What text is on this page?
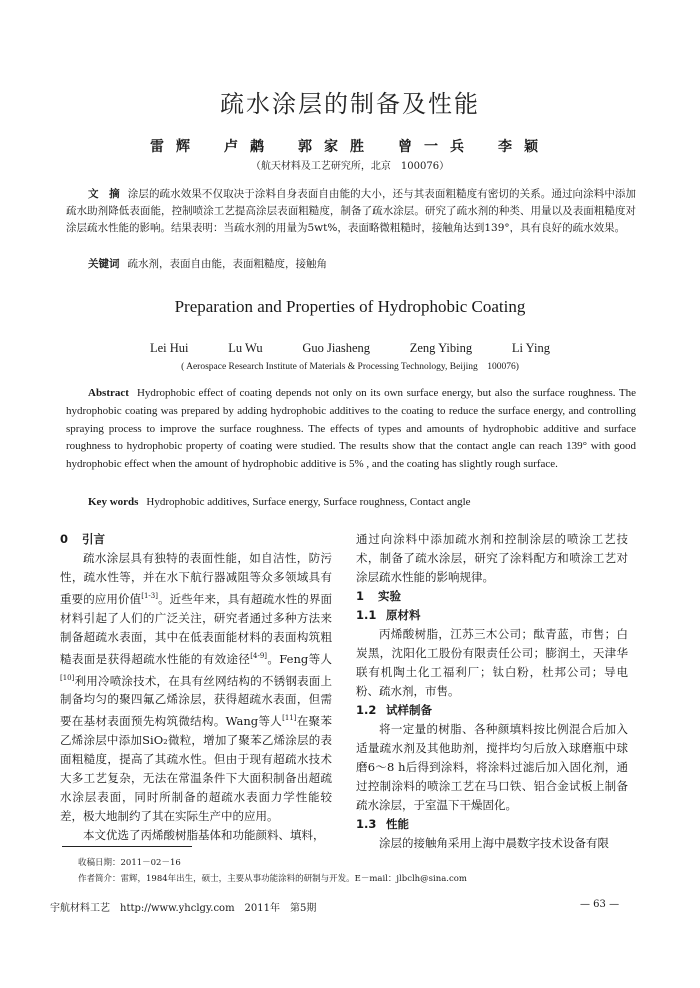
疏水涂层的制备及性能
雷辉 卢鹔 郭家胜 曾一兵 李颖
（航天材料及工艺研究所，北京　100076）
文　摘 涂层的疏水效果不仅取决于涂料自身表面自由能的大小，还与其表面粗糙度有密切的关系。通过向涂料中添加疏水助剂降低表面能，控制喷涂工艺提高涂层表面粗糙度，制备了疏水涂层。研究了疏水剂的种类、用量以及表面粗糙度对涂层疏水性能的影响。结果表明：当疏水剂的用量为5wt%，表面略微粗糙时，接触角达到139°，具有良好的疏水效果。
关键词 疏水剂，表面自由能，表面粗糙度，接触角
Preparation and Properties of Hydrophobic Coating
Lei Hui	Lu Wu	Guo Jiasheng	Zeng Yibing	Li Ying
( Aerospace Research Institute of Materials & Processing Technology, Beijing　100076)
Abstract Hydrophobic effect of coating depends not only on its own surface energy, but also the surface roughness. The hydrophobic coating was prepared by adding hydrophobic additives to the coating to reduce the surface energy, and controlling spraying process to improve the surface roughness. The effects of types and amounts of hydrophobic additive and surface roughness to hydrophobic property of coating were studied. The results show that the contact angle can reach 139° with good hydrophobic effect when the amount of hydrophobic additive is 5% , and the coating has slightly rough surface.
Key words Hydrophobic additives, Surface energy, Surface roughness, Contact angle
0 引言

疏水涂层具有独特的表面性能，如自洁性，防污性，疏水性等，并在水下航行器减阻等众多领域具有重要的应用价值[1-3]。近些年来，具有超疏水性的界面材料引起了人们的广泛关注，研究者通过多种方法来制备超疏水表面，其中在低表面能材料的表面构筑粗糙表面是获得超疏水性能的有效途径[4-9]。Feng等人[10]利用冷喷涂技术，在具有丝网结构的不锈钢表面上制备均匀的聚四氟乙烯涂层，获得超疏水表面，但需要在基材表面预先构筑微结构。Wang等人[11]在聚苯乙烯涂层中添加SiO₂微粒，增加了聚苯乙烯涂层的表面粗糙度，提高了其疏水性。但由于现有超疏水技术大多工艺复杂，无法在常温条件下大面积制备出超疏水涂层表面，同时所制备的超疏水表面力学性能较差，极大地制约了其在实际生产中的应用。

本文优选了丙烯酸树脂基体和功能颜料、填料，

通过向涂料中添加疏水剂和控制涂层的喷涂工艺技术，制备了疏水涂层，研究了涂料配方和喷涂工艺对涂层疏水性能的影响规律。

1 实验
1.1 原材料

丙烯酸树脂，江苏三木公司；酞青蓝，市售；白炭黑，沈阳化工股份有限责任公司；膨润土，天津华联有机陶土化工福利厂；钛白粉，杜邦公司；导电粉、疏水剂，市售。

1.2 试样制备

将一定量的树脂、各种颜填料按比例混合后加入适量疏水剂及其他助剂，搅拌均匀后放入球磨瓶中球磨6～8 h后得到涂料，将涂料过滤后加入固化剂，通过控制涂料的喷涂工艺在马口铁、铝合金试板上制备疏水涂层，于室温下干燥固化。

1.3 性能

涂层的接触角采用上海中晨数字技术设备有限

收稿日期：2011－02－16
作者简介：雷辉，1984年出生，硕士，主要从事功能涂料的研制与开发。E－mail：jlbclh@sina.com
宇航材料工艺　http://www.yhclgy.com　2011年　第5期	— 63 —
